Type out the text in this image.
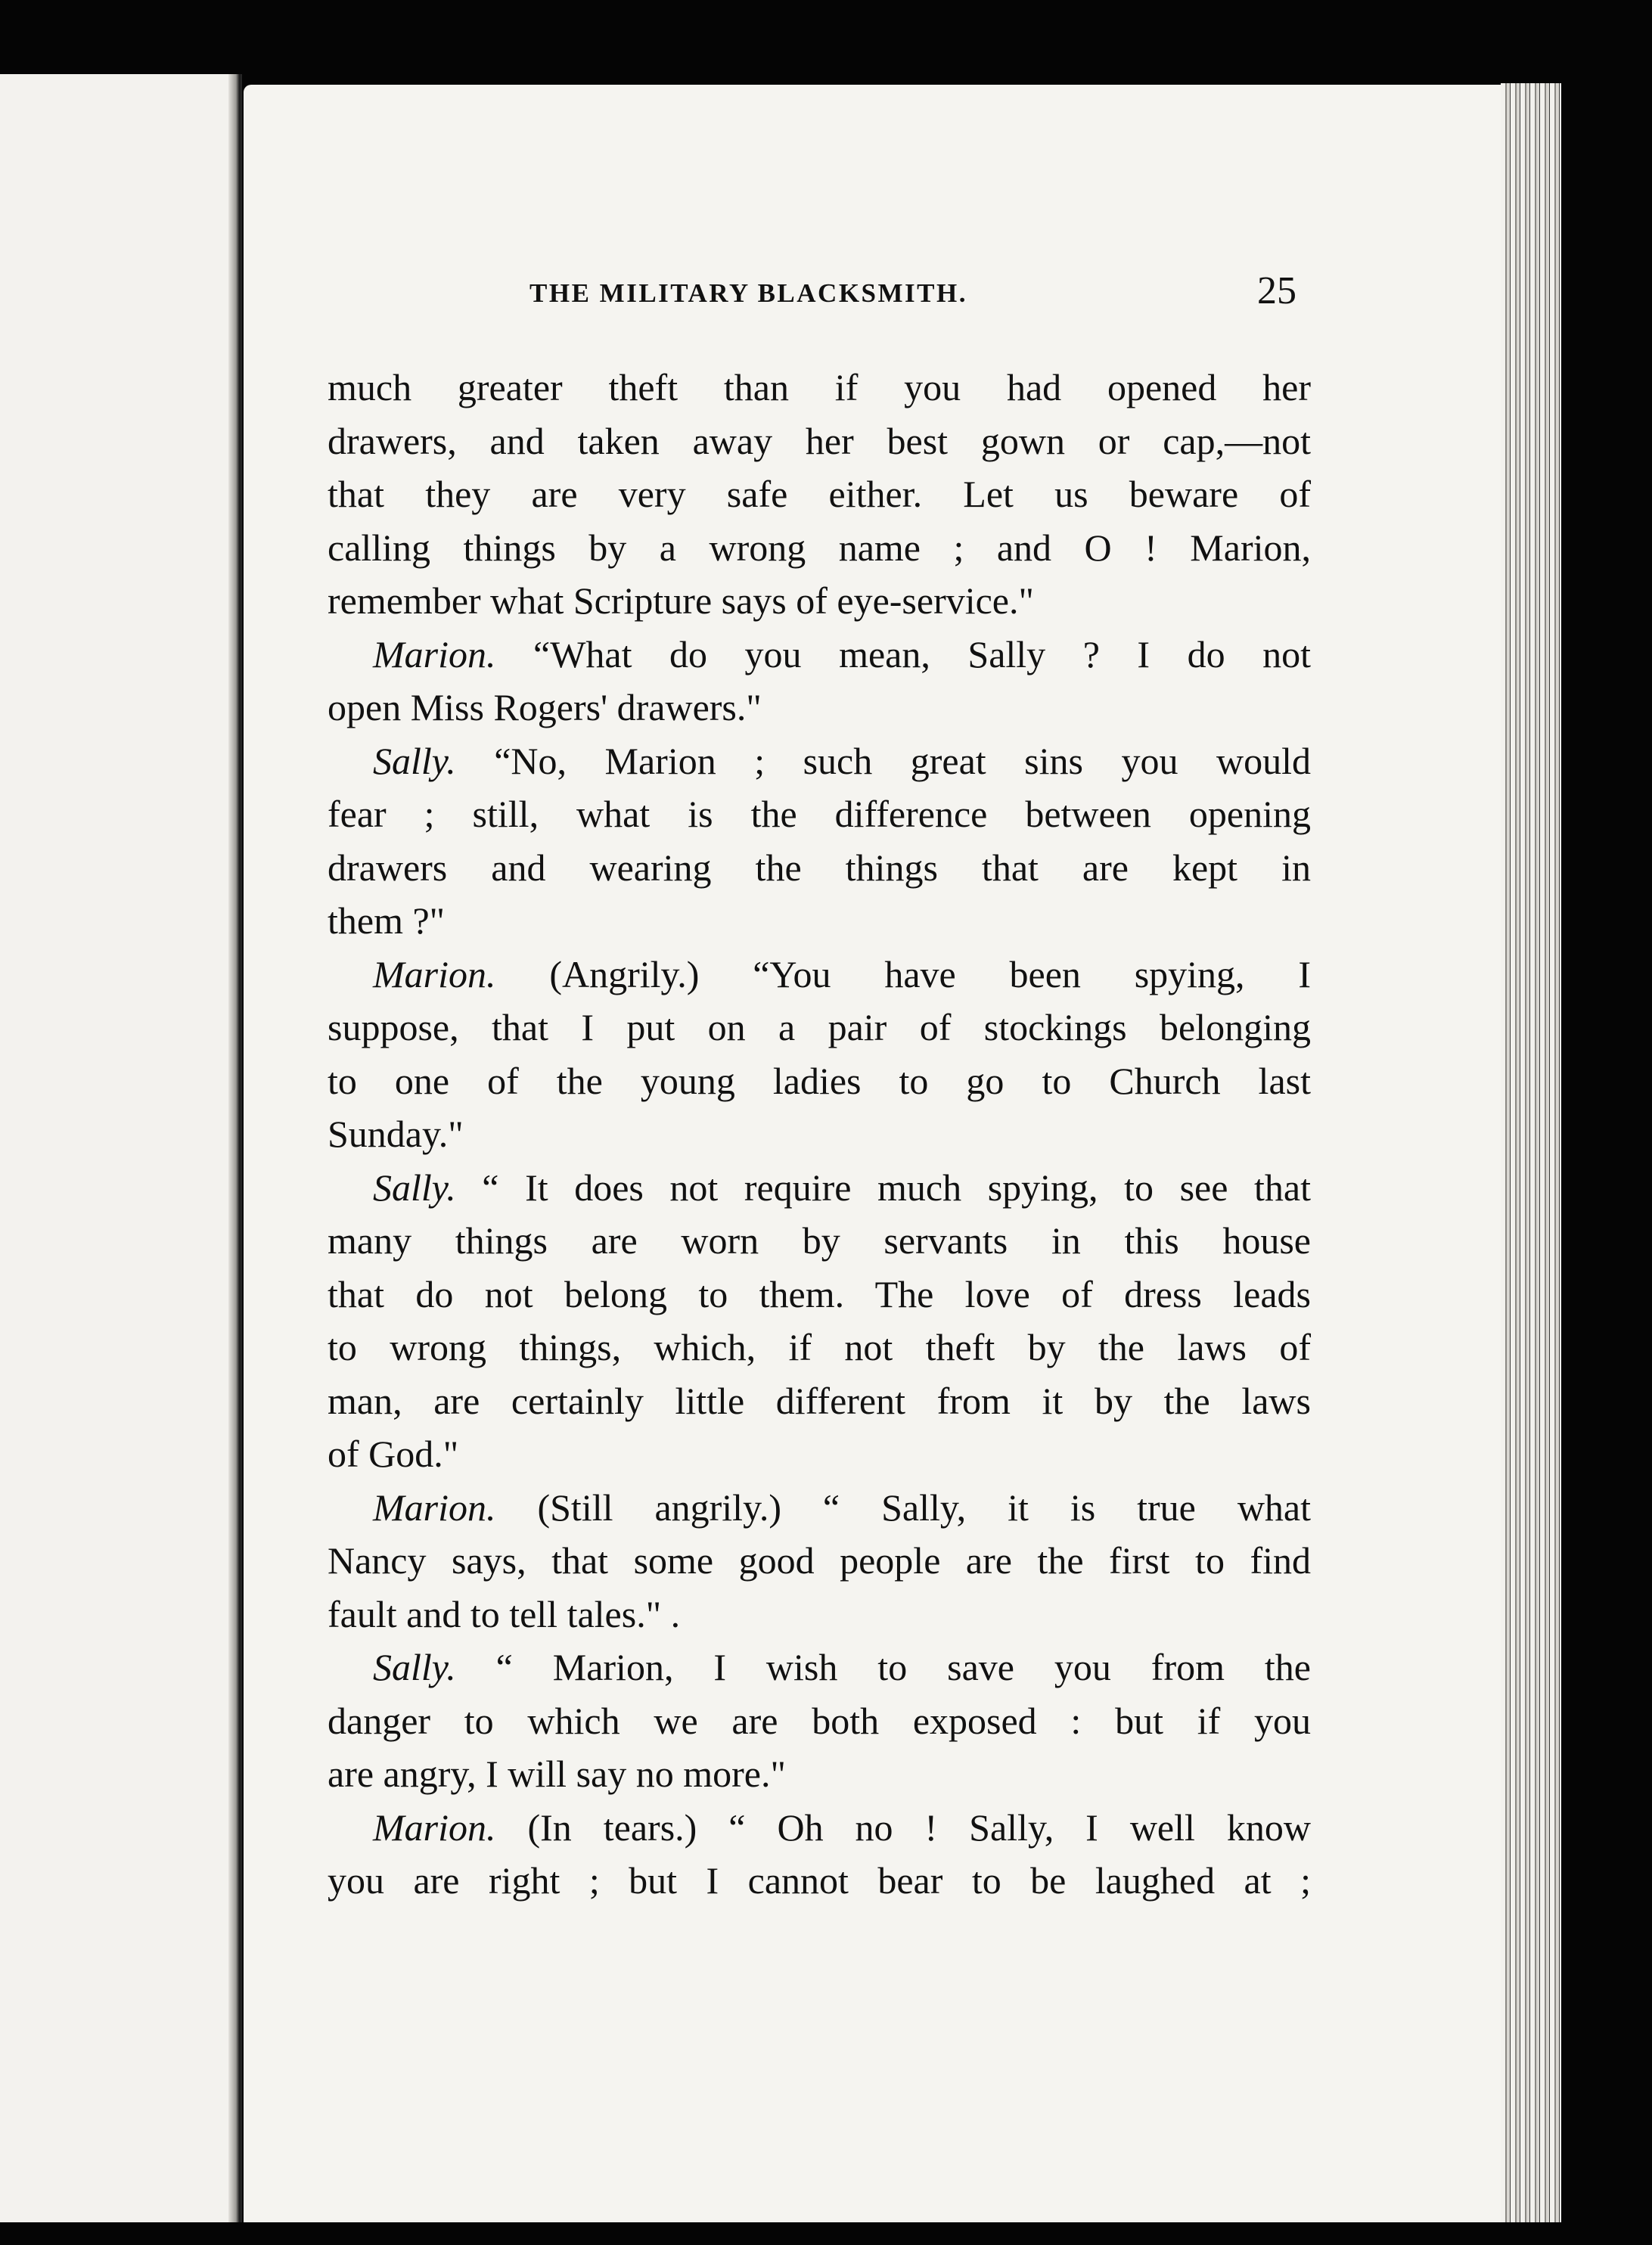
THE MILITARY BLACKSMITH.	25
much greater theft than if you had opened her
drawers, and taken away her best gown or cap,—not
that they are very safe either. Let us beware of
calling things by a wrong name ; and O ! Marion,
remember what Scripture says of eye-service."
Marion. “What do you mean, Sally ? I do not
open Miss Rogers' drawers."
Sally. “No, Marion ; such great sins you would
fear ; still, what is the difference between opening
drawers and wearing the things that are kept in
them ?"
Marion. (Angrily.) “You have been spying, I
suppose, that I put on a pair of stockings belonging
to one of the young ladies to go to Church last
Sunday."
Sally. “ It does not require much spying, to see that
many things are worn by servants in this house
that do not belong to them. The love of dress leads
to wrong things, which, if not theft by the laws of
man, are certainly little different from it by the laws
of God."
Marion. (Still angrily.) “ Sally, it is true what
Nancy says, that some good people are the first to find
fault and to tell tales." .
Sally. “ Marion, I wish to save you from the
danger to which we are both exposed : but if you
are angry, I will say no more."
Marion. (In tears.) “ Oh no ! Sally, I well know
you are right ; but I cannot bear to be laughed at ;
